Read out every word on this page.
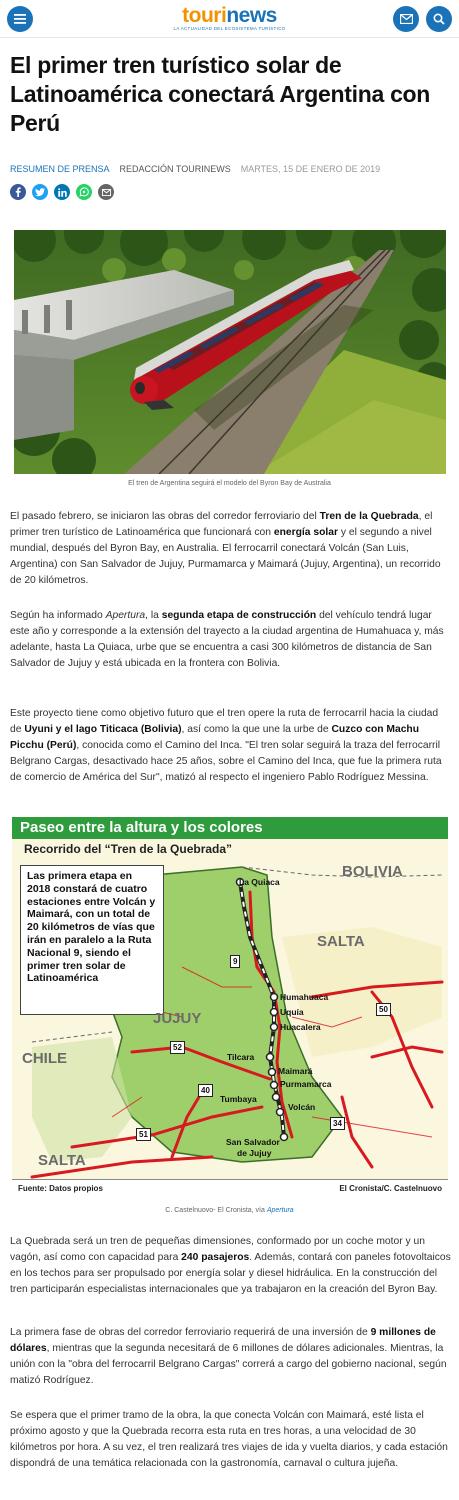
tourinews
LA ACTUALIDAD DEL ECOSISTEMA TURÍSTICO
El primer tren turístico solar de Latinoamérica conectará Argentina con Perú
RESUMEN DE PRENSA REDACCIÓN TOURINEWS MARTES, 15 DE ENERO DE 2019
El tren de Argentina seguirá el modelo del Byron Bay de Australia
El pasado febrero, se iniciaron las obras del corredor ferroviario del Tren de la Quebrada, el primer tren turístico de Latinoamérica que funcionará con energía solar y el segundo a nivel mundial, después del Byron Bay, en Australia. El ferrocarril conectará Volcán (San Luis, Argentina) con San Salvador de Jujuy, Purmamarca y Maimará (Jujuy, Argentina), un recorrido de 20 kilómetros.
Según ha informado Apertura, la segunda etapa de construcción del vehículo tendrá lugar este año y corresponde a la extensión del trayecto a la ciudad argentina de Humahuaca y, más adelante, hasta La Quiaca, urbe que se encuentra a casi 300 kilómetros de distancia de San Salvador de Jujuy y está ubicada en la frontera con Bolivia.
Este proyecto tiene como objetivo futuro que el tren opere la ruta de ferrocarril hacia la ciudad de Uyuni y el lago Titicaca (Bolivia), así como la que une la urbe de Cuzco con Machu Picchu (Perú), conocida como el Camino del Inca. "El tren solar seguirá la traza del ferrocarril Belgrano Cargas, desactivado hace 25 años, sobre el Camino del Inca, que fue la primera ruta de comercio de América del Sur", matizó al respecto el ingeniero Pablo Rodríguez Messina.
Paseo entre la altura y los colores
Recorrido del “Tren de la Quebrada”
Las primera etapa en 2018 constará de cuatro estaciones entre Volcán y Maimará, con un total de 20 kilómetros de vías que irán en paralelo a la Ruta Nacional 9, siendo el primer tren solar de Latinoamérica
BOLIVIA
SALTA
JUJUY
CHILE
SALTA
La Quiaca
Humahuaca
Uquía
Huacalera
Tilcara
Maimará
Purmamarca
Tumbaya
Volcán
San Salvador
de Jujuy
9
50
52
40
34
51
Fuente: Datos propios	El Cronista/C. Castelnuovo
C. Castelnuovo- El Cronista, vía Apertura
La Quebrada será un tren de pequeñas dimensiones, conformado por un coche motor y un vagón, así como con capacidad para 240 pasajeros. Además, contará con paneles fotovoltaicos en los techos para ser propulsado por energía solar y diesel hidráulica. En la construcción del tren participarán especialistas internacionales que ya trabajaron en la creación del Byron Bay.
La primera fase de obras del corredor ferroviario requerirá de una inversión de 9 millones de dólares, mientras que la segunda necesitará de 6 millones de dólares adicionales. Mientras, la unión con la "obra del ferrocarril Belgrano Cargas" correrá a cargo del gobierno nacional, según matizó Rodríguez.
Se espera que el primer tramo de la obra, la que conecta Volcán con Maimará, esté lista el próximo agosto y que la Quebrada recorra esta ruta en tres horas, a una velocidad de 30 kilómetros por hora. A su vez, el tren realizará tres viajes de ida y vuelta diarios, y cada estación dispondrá de una temática relacionada con la gastronomía, carnaval o cultura jujeña.
